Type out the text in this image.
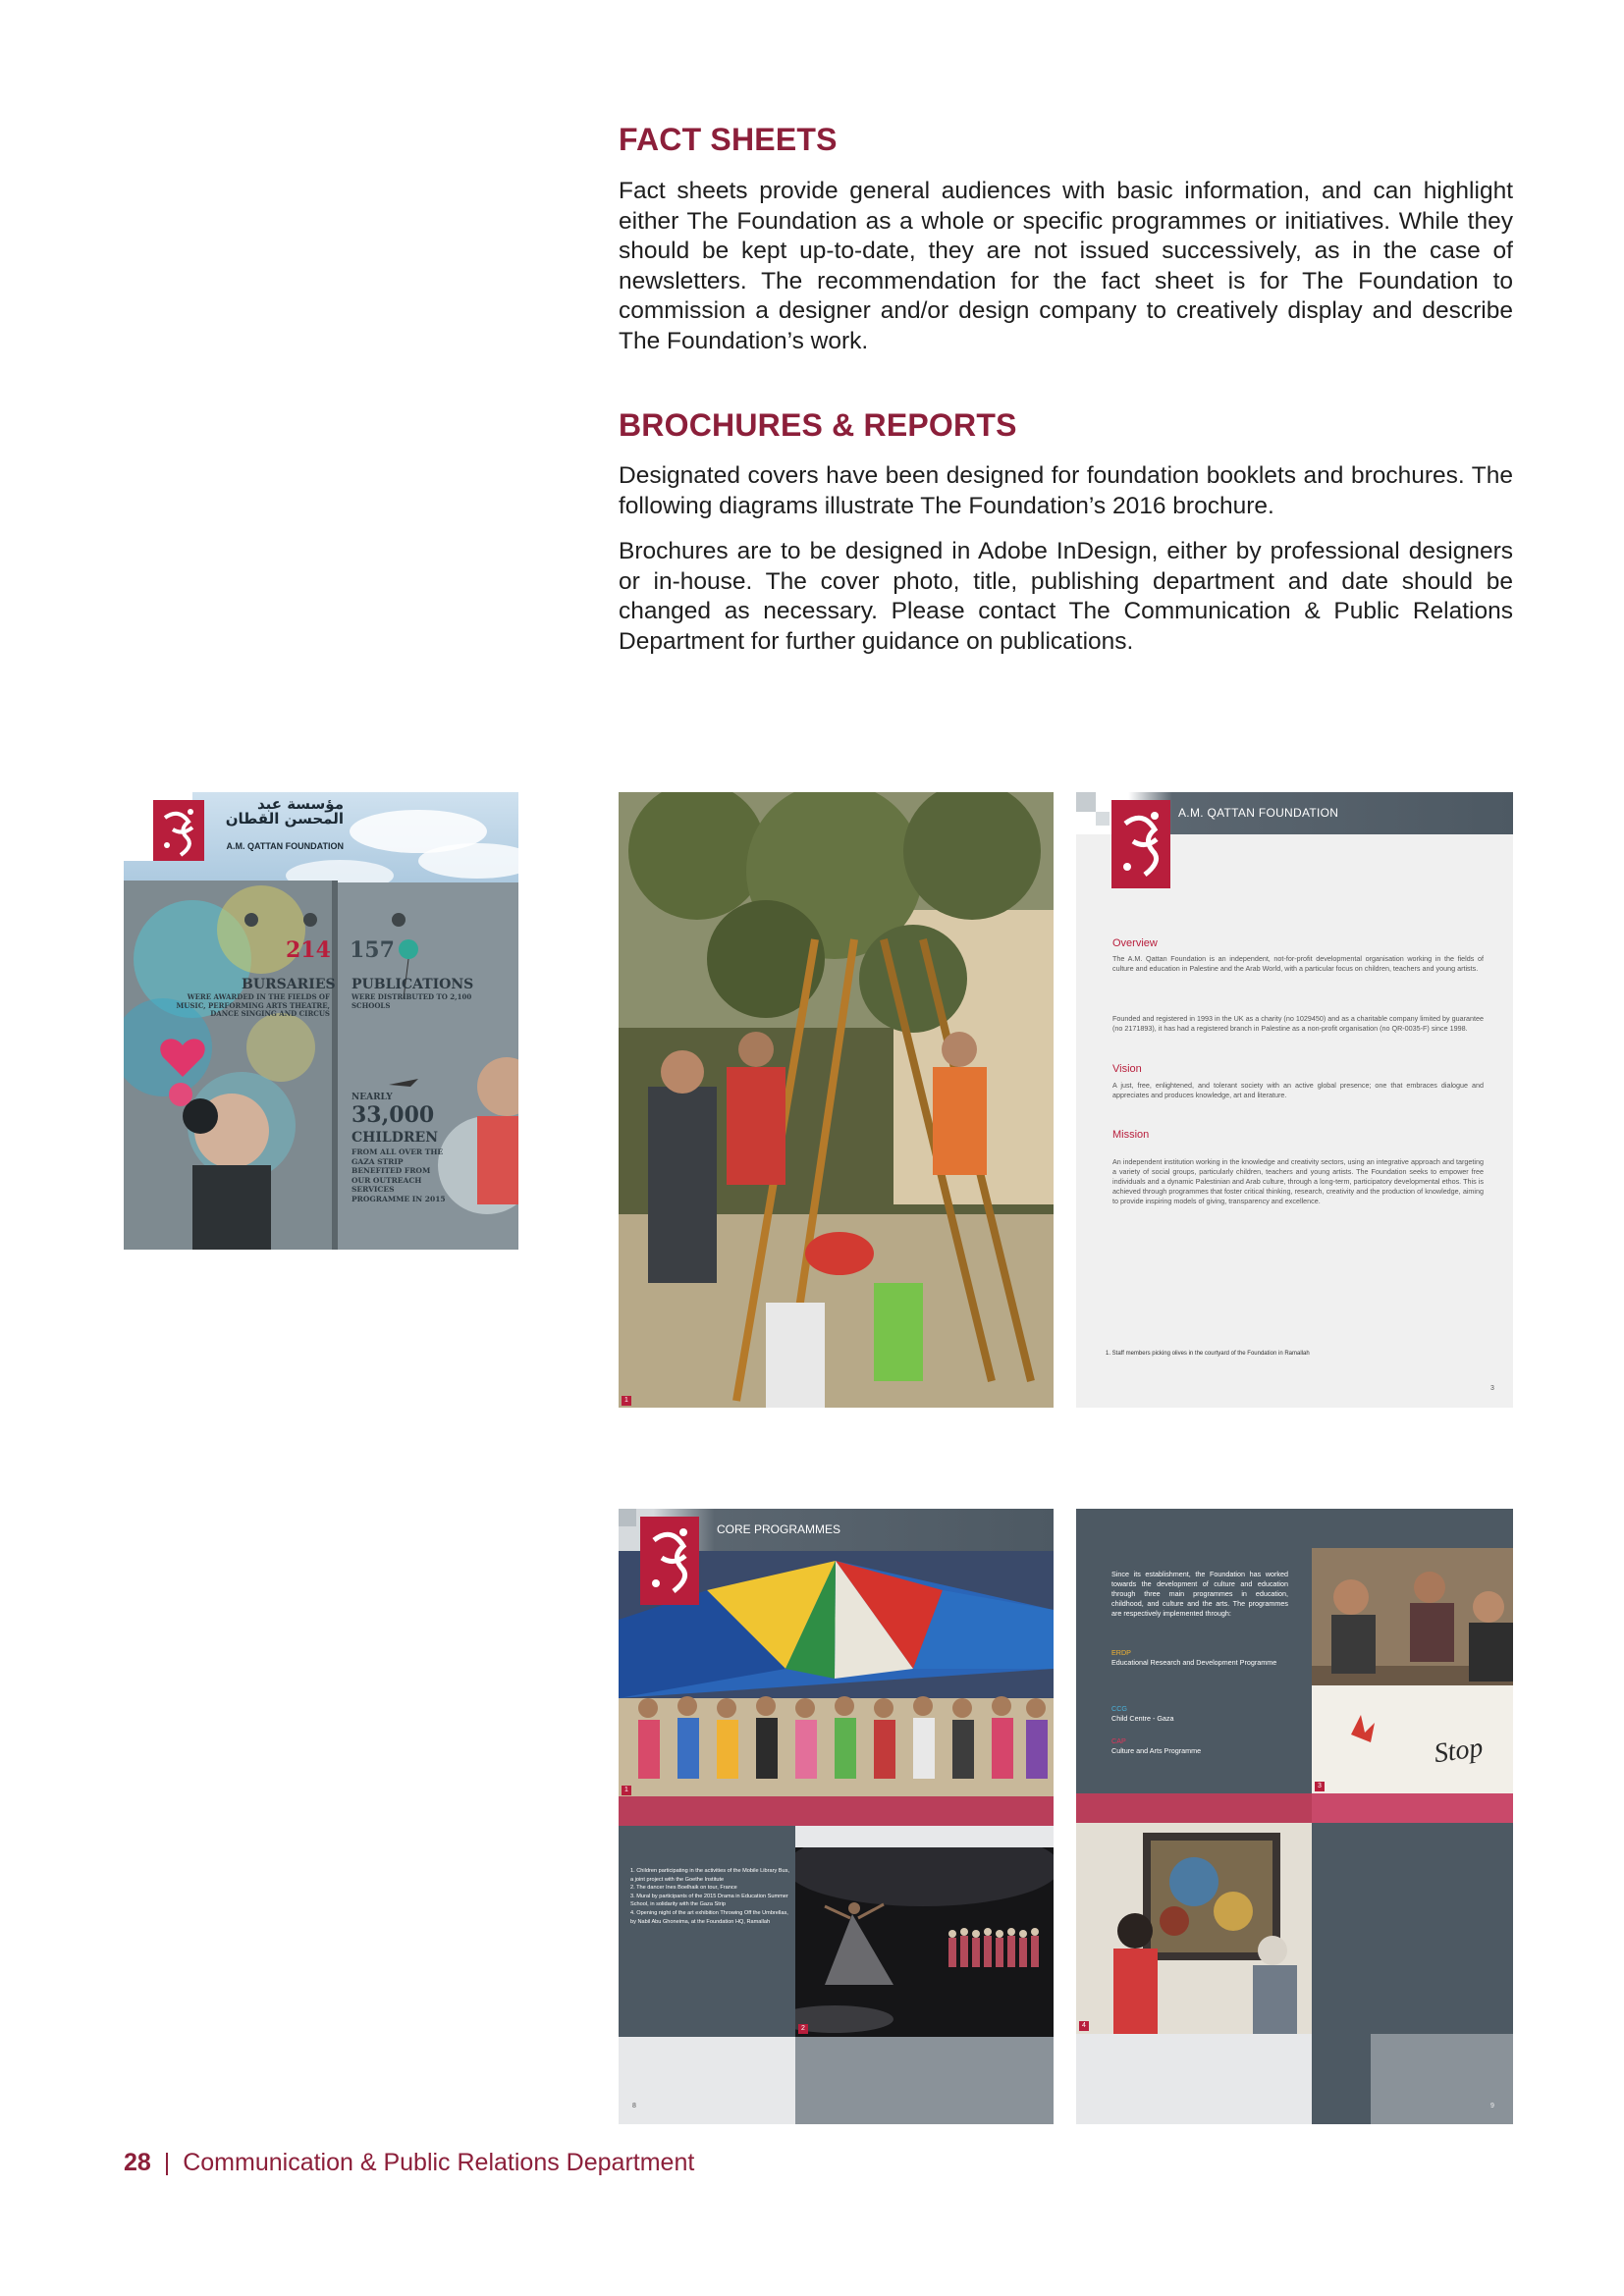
FACT SHEETS

Fact sheets provide general audiences with basic information, and can highlight either The Foundation as a whole or specific programmes or initiatives. While they should be kept up-to-date, they are not issued successively, as in the case of newsletters. The recommendation for the fact sheet is for The Foundation to commission a designer and/or design company to creatively display and describe The Foundation’s work.

BROCHURES & REPORTS

Designated covers have been designed for foundation booklets and brochures. The following diagrams illustrate The Foundation’s 2016 brochure.

Brochures are to be designed in Adobe InDesign, either by professional designers or in-house. The cover photo, title, publishing department and date should be changed as necessary. Please contact The Communication & Public Relations Department for further guidance on publications.

مؤسسة عبد المحسن القطان
A.M. QATTAN FOUNDATION
214 157
BURSARIES
WERE AWARDED IN THE FIELDS OF MUSIC, PERFORMING ARTS THEATRE, DANCE SINGING AND CIRCUS
PUBLICATIONS
WERE DISTRIBUTED TO 2,100 SCHOOLS
NEARLY
33,000
CHILDREN
FROM ALL OVER THE GAZA STRIP BENEFITED FROM OUR OUTREACH SERVICES PROGRAMME IN 2015
1
A.M. QATTAN FOUNDATION
Overview
The A.M. Qattan Foundation is an independent, not-for-profit developmental organisation working in the fields of culture and education in Palestine and the Arab World, with a particular focus on children, teachers and young artists.
Founded and registered in 1993 in the UK as a charity (no 1029450) and as a charitable company limited by guarantee (no 2171893), it has had a registered branch in Palestine as a non-profit organisation (no QR-0035-F) since 1998.
Vision
A just, free, enlightened, and tolerant society with an active global presence; one that embraces dialogue and appreciates and produces knowledge, art and literature.
Mission
An independent institution working in the knowledge and creativity sectors, using an integrative approach and targeting a variety of social groups, particularly children, teachers and young artists. The Foundation seeks to empower free individuals and a dynamic Palestinian and Arab culture, through a long-term, participatory developmental ethos. This is achieved through programmes that foster critical thinking, research, creativity and the production of knowledge, aiming to provide inspiring models of giving, transparency and excellence.
1. Staff members picking olives in the courtyard of the Foundation in Ramallah
3
CORE PROGRAMMES
1. Children participating in the activities of the Mobile Library Bus, a joint project with the Goethe Institute
2. The dancer Ines Boelhaik on tour, France
3. Mural by participants of the 2015 Drama in Education Summer School, in solidarity with the Gaza Strip
4. Opening night of the art exhibition Throwing Off the Umbrellas, by Nabil Abu Ghoneima, at the Foundation HQ, Ramallah
2
1
8
Since its establishment, the Foundation has worked towards the development of culture and education through three main programmes in education, childhood, and culture and the arts. The programmes are respectively implemented through:
ERDP
Educational Research and Development Programme
CCG
Child Centre - Gaza
CAP
Culture and Arts Programme	Stop
3
4
9
28 | Communication & Public Relations Department
